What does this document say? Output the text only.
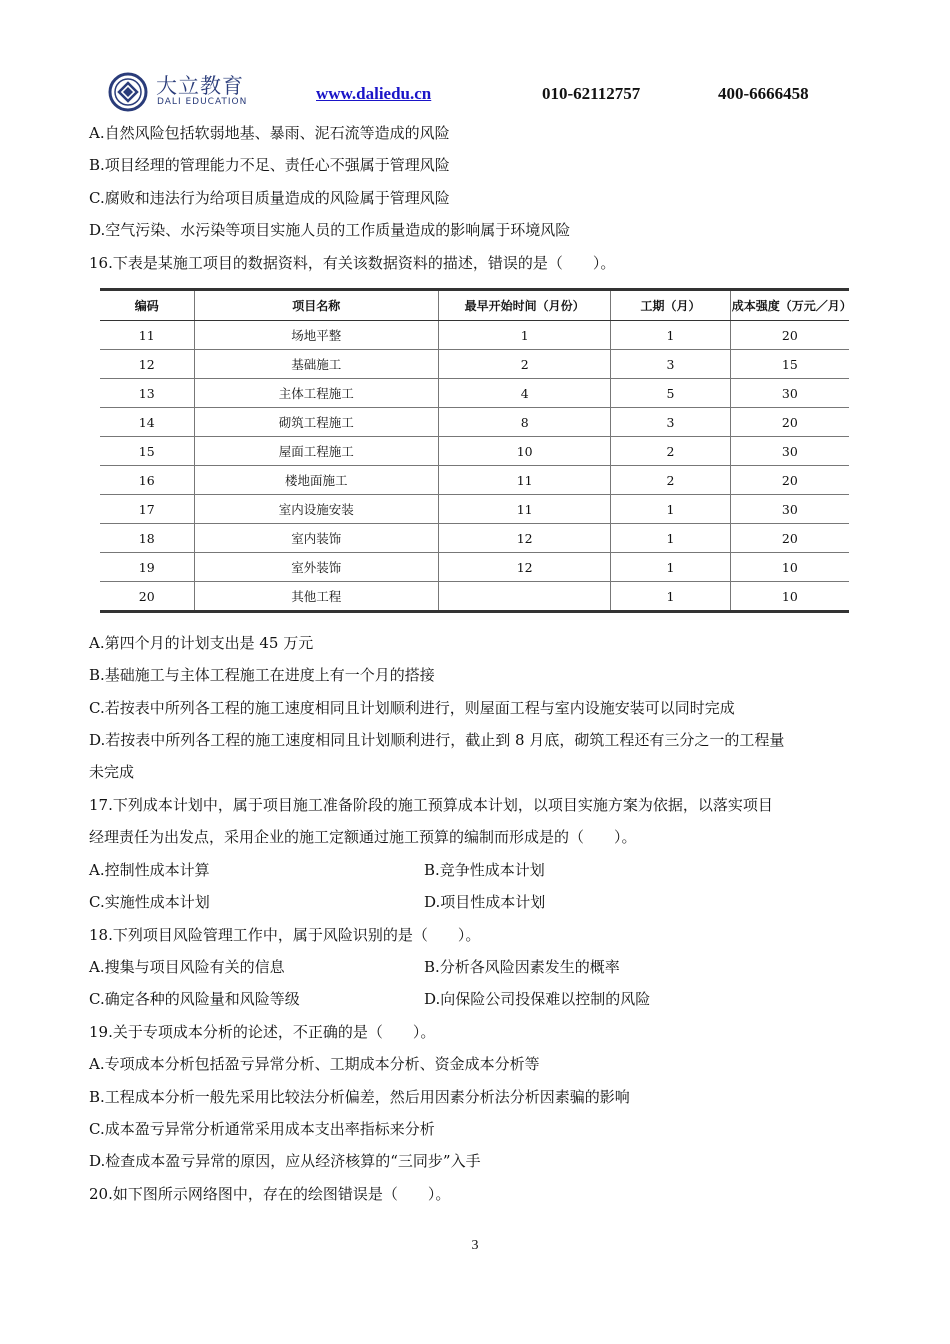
大立教育
DALI EDUCATION	www.daliedu.cn	010-62112757	400-6666458
A.自然风险包括软弱地基、暴雨、泥石流等造成的风险
B.项目经理的管理能力不足、责任心不强属于管理风险
C.腐败和违法行为给项目质量造成的风险属于管理风险
D.空气污染、水污染等项目实施人员的工作质量造成的影响属于环境风险
16.下表是某施工项目的数据资料，有关该数据资料的描述，错误的是（　　）。
编码	项目名称	最早开始时间（月份）	工期（月）	成本强度（万元／月）
11	场地平整	1	1	20
12	基础施工	2	3	15
13	主体工程施工	4	5	30
14	砌筑工程施工	8	3	20
15	屋面工程施工	10	2	30
16	楼地面施工	11	2	20
17	室内设施安装	11	1	30
18	室内装饰	12	1	20
19	室外装饰	12	1	10
20	其他工程		1	10
A.第四个月的计划支出是 45 万元
B.基础施工与主体工程施工在进度上有一个月的搭接
C.若按表中所列各工程的施工速度相同且计划顺利进行，则屋面工程与室内设施安装可以同时完成
D.若按表中所列各工程的施工速度相同且计划顺利进行，截止到 8 月底，砌筑工程还有三分之一的工程量
未完成
17.下列成本计划中，属于项目施工准备阶段的施工预算成本计划，以项目实施方案为依据，以落实项目
经理责任为出发点，采用企业的施工定额通过施工预算的编制而形成是的（　　）。
A.控制性成本计算	B.竞争性成本计划
C.实施性成本计划	D.项目性成本计划
18.下列项目风险管理工作中，属于风险识别的是（　　）。
A.搜集与项目风险有关的信息	B.分析各风险因素发生的概率
C.确定各种的风险量和风险等级	D.向保险公司投保难以控制的风险
19.关于专项成本分析的论述，不正确的是（　　）。
A.专项成本分析包括盈亏异常分析、工期成本分析、资金成本分析等
B.工程成本分析一般先采用比较法分析偏差，然后用因素分析法分析因素骗的影响
C.成本盈亏异常分析通常采用成本支出率指标来分析
D.检查成本盈亏异常的原因，应从经济核算的“三同步”入手
20.如下图所示网络图中，存在的绘图错误是（　　）。
3
